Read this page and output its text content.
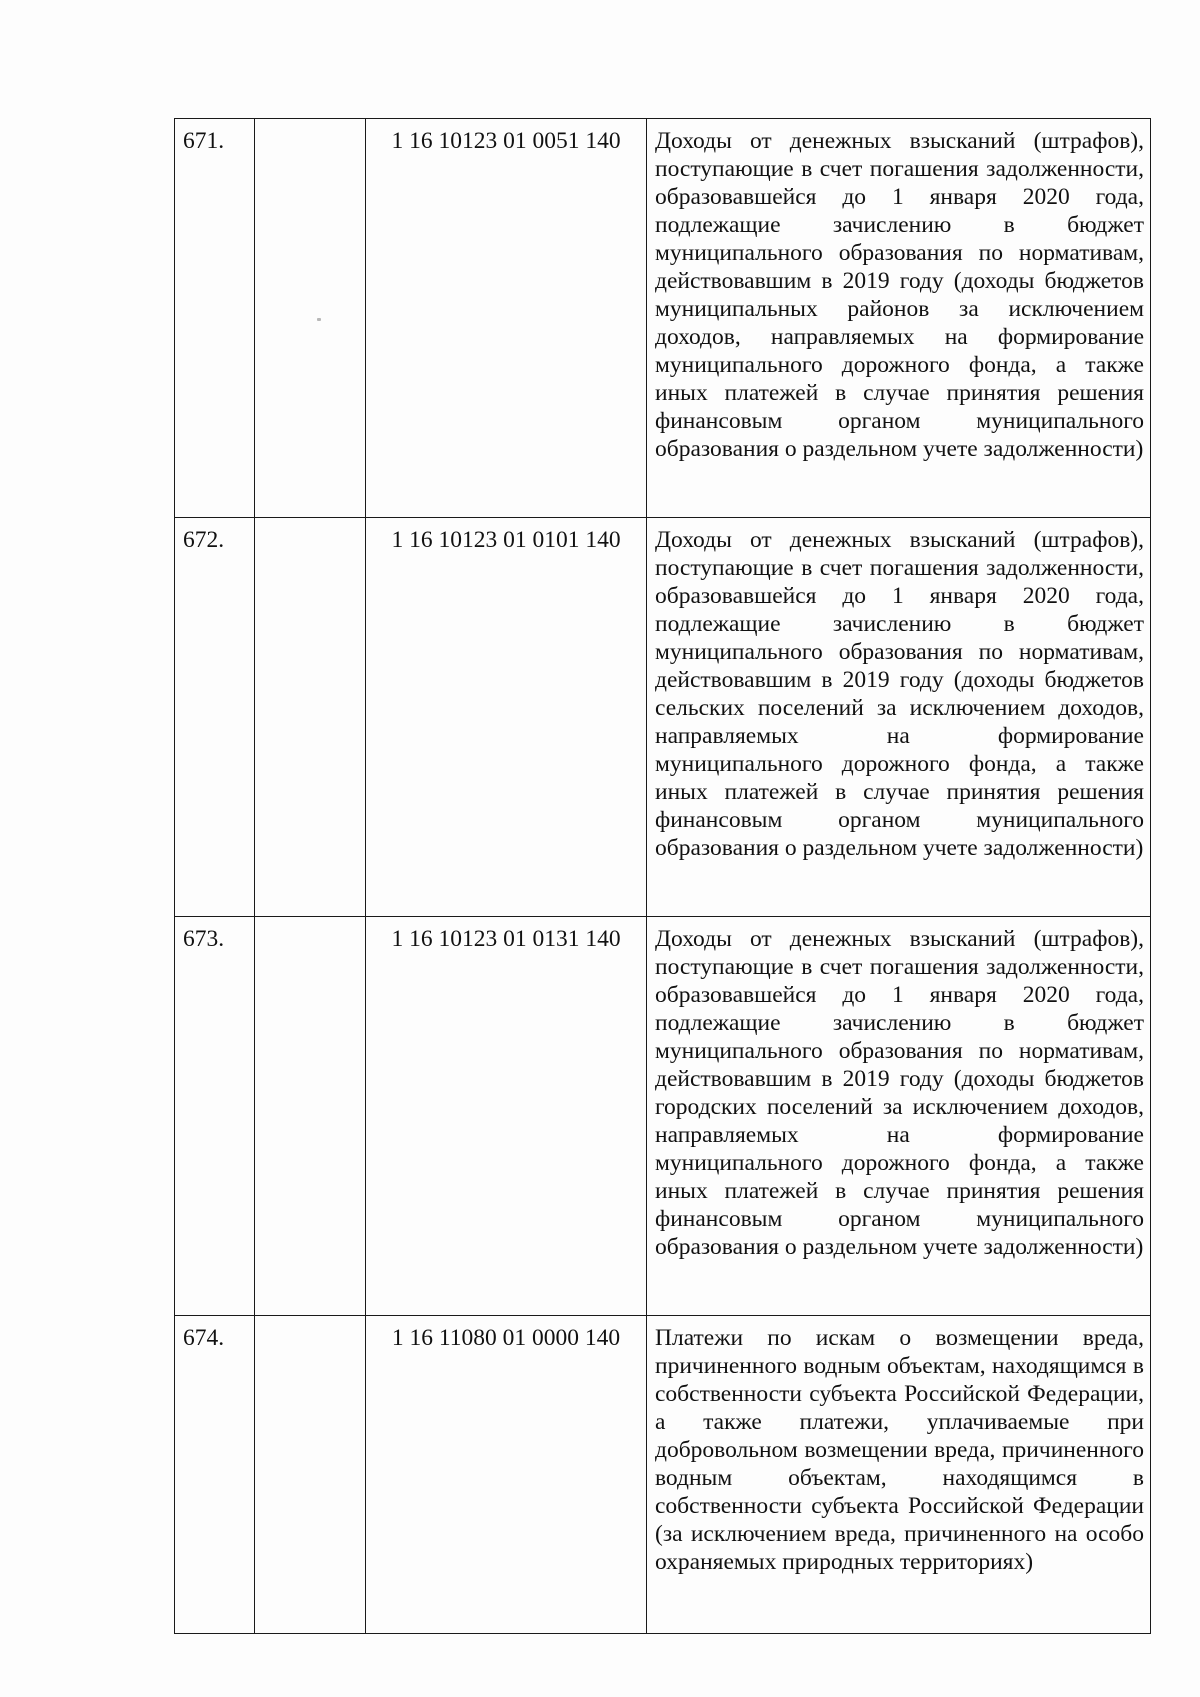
671.		1 16 10123 01 0051 140	Доходы от денежных взысканий (штрафов), поступающие в счет погашения задолженности, образовавшейся до 1 января 2020 года, подлежащие зачислению в бюджет муниципального образования по нормативам, действовавшим в 2019 году (доходы бюджетов муниципальных районов за исключением доходов, направляемых на формирование муниципального дорожного фонда, а также иных платежей в случае принятия решения финансовым органом муниципального образования о раздельном учете задолженности)
672.		1 16 10123 01 0101 140	Доходы от денежных взысканий (штрафов), поступающие в счет погашения задолженности, образовавшейся до 1 января 2020 года, подлежащие зачислению в бюджет муниципального образования по нормативам, действовавшим в 2019 году (доходы бюджетов сельских поселений за исключением доходов, направляемых на формирование муниципального дорожного фонда, а также иных платежей в случае принятия решения финансовым органом муниципального образования о раздельном учете задолженности)
673.		1 16 10123 01 0131 140	Доходы от денежных взысканий (штрафов), поступающие в счет погашения задолженности, образовавшейся до 1 января 2020 года, подлежащие зачислению в бюджет муниципального образования по нормативам, действовавшим в 2019 году (доходы бюджетов городских поселений за исключением доходов, направляемых на формирование муниципального дорожного фонда, а также иных платежей в случае принятия решения финансовым органом муниципального образования о раздельном учете задолженности)
674.		1 16 11080 01 0000 140	Платежи по искам о возмещении вреда, причиненного водным объектам, находящимся в собственности субъекта Российской Федерации, а также платежи, уплачиваемые при добровольном возмещении вреда, причиненного водным объектам, находящимся в собственности субъекта Российской Федерации (за исключением вреда, причиненного на особо охраняемых природных территориях)
